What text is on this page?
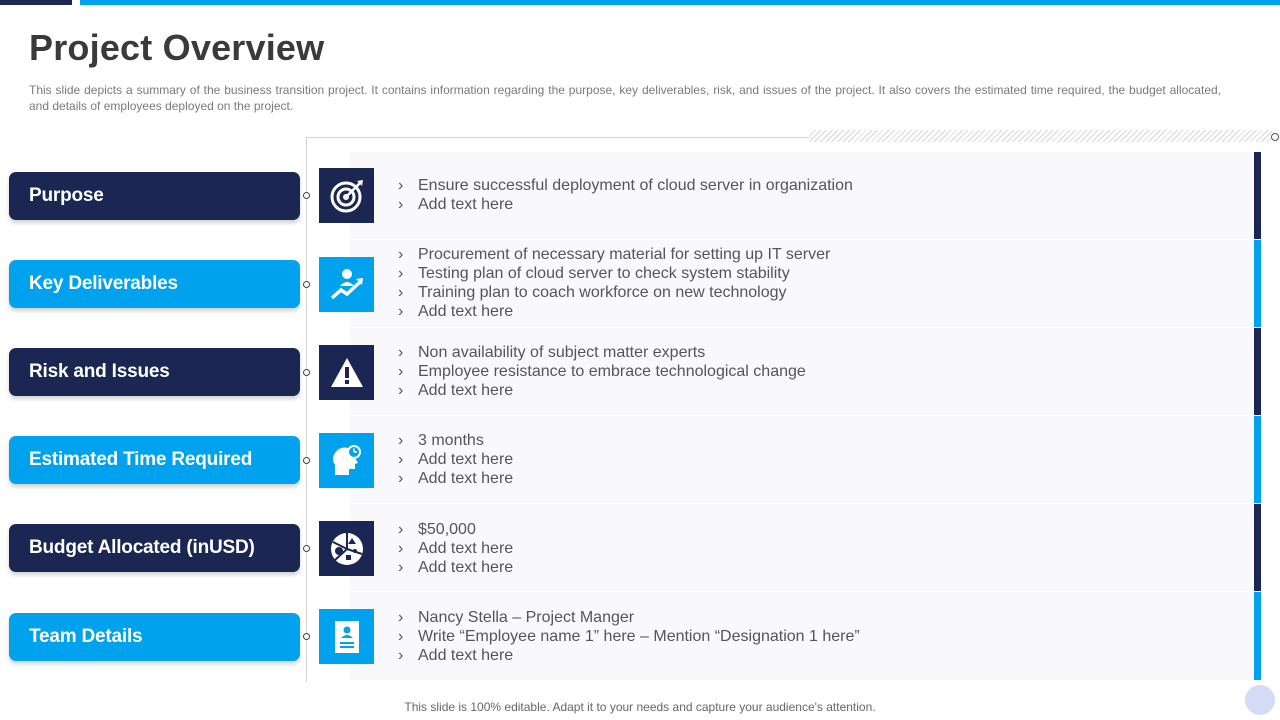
Project Overview

This slide depicts a summary of the business transition project. It contains information regarding the purpose, key deliverables, risk, and issues of the project. It also covers the estimated time required, the budget allocated, and details of employees deployed on the project.

Purpose	› Ensure successful deployment of cloud server in organization
› Add text here
Key Deliverables
› Procurement of necessary material for setting up IT server
› Testing plan of cloud server to check system stability
› Training plan to coach workforce on new technology
› Add text here
Risk and Issues
› Non availability of subject matter experts
› Employee resistance to embrace technological change
› Add text here
Estimated Time Required
› 3 months
› Add text here
› Add text here
Budget Allocated (inUSD)
› $50,000
› Add text here
› Add text here
Team Details
› Nancy Stella – Project Manger
› Write “Employee name 1” here – Mention “Designation 1 here”
› Add text here
This slide is 100% editable. Adapt it to your needs and capture your audience's attention.
